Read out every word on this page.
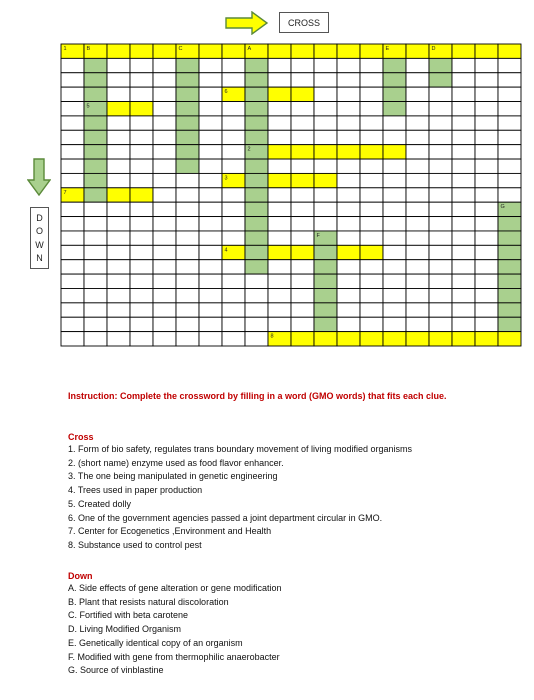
CROSS
D
O
W
N
1	B	C	A	E	D
6
5
2
3
7
G
F
4
8
Instruction: Complete the crossword by filling in a word (GMO words) that fits each clue.
Cross
1. Form of bio safety, regulates trans boundary movement of living modified organisms
2. (short name) enzyme used as food flavor enhancer.
3. The one being manipulated in genetic engineering
4. Trees used in paper production
5. Created dolly
6. One of the government agencies passed a joint department circular in GMO.
7. Center for Ecogenetics ,Environment and Health
8. Substance used to control pest
Down
A. Side effects of gene alteration or gene modification
B. Plant that resists natural discoloration
C. Fortified with beta carotene
D. Living Modified Organism
E. Genetically identical copy of an organism
F. Modified with gene from thermophilic anaerobacter
G. Source of vinblastine
